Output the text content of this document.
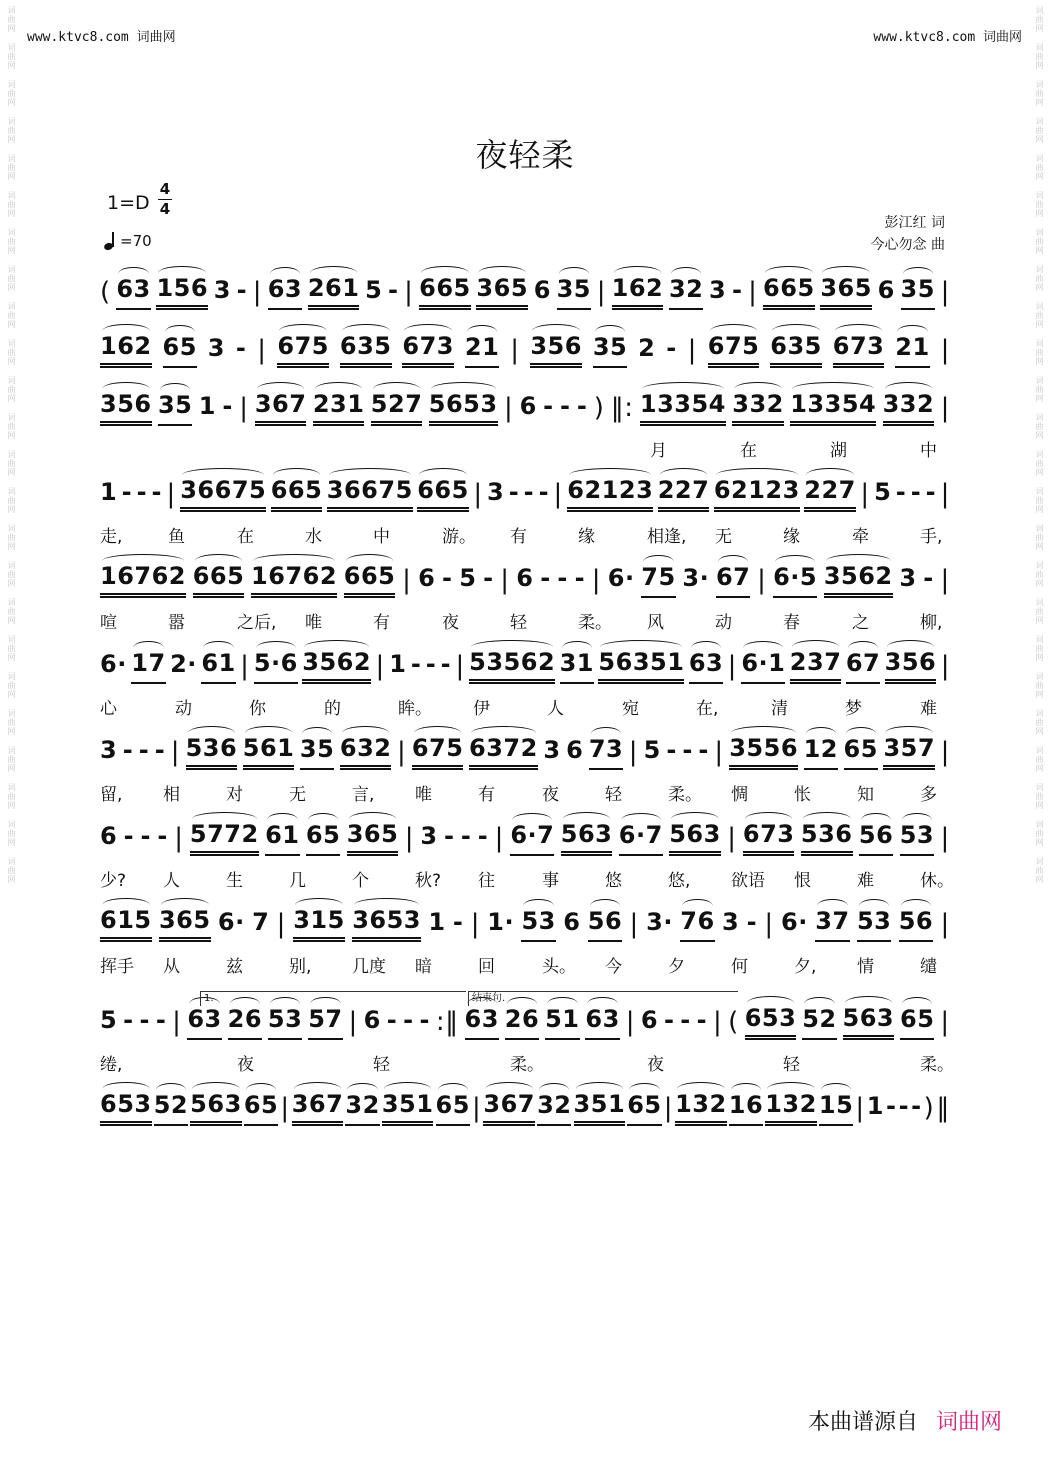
词曲网
词曲网
词曲网
词曲网
词曲网
词曲网
词曲网
词曲网
词曲网
词曲网
词曲网
词曲网
词曲网
词曲网
词曲网
词曲网
词曲网
词曲网
词曲网
词曲网
词曲网
词曲网
词曲网
词曲网
词曲网
词曲网
词曲网
词曲网
词曲网
词曲网
词曲网
词曲网
词曲网
词曲网
词曲网
词曲网
词曲网
词曲网
词曲网
词曲网
词曲网
词曲网
词曲网
词曲网
词曲网
词曲网
词曲网
词曲网
www.ktvc8.com 词曲网	www.ktvc8.com 词曲网
夜轻柔
1=D
4
4
=70
彭江红 词
今心勿念 曲
( 63 156 3 - | 63 261 5 - | 665 365 6 35 | 162 32 3 - | 665 365 6 35 |
162 65 3 - | 675 635 673 21 | 356 35 2 - | 675 635 673 21 |
356 35 1 - | 367 231 527 5653 | 6 - - - ) ‖: 13354 332 13354 332 |
1 - - - | 36675 665 36675 665 | 3 - - - | 62123 227 62123 227 | 5 - - - |
16762 665 16762 665 | 6 - 5 - | 6 - - - | 6· 75 3· 67 | 6·5 3562 3 - |
6· 17 2· 61 | 5·6 3562 | 1 - - - | 53562 31 56351 63 | 6·1 237 67 356 |
3 - - - | 536 561 35 632 | 675 6372 3 6 73 | 5 - - - | 3556 12 65 357 |
6 - - - | 5772 61 65 365 | 3 - - - | 6·7 563 6·7 563 | 673 536 56 53 |
615 365 6· 7 | 315 3653 1 - | 1· 53 6 56 | 3· 76 3 - | 6· 37 53 56 |
5 - - - | 63 26 53 57 | 6 - - - :‖ 63 26 51 63 | 6 - - - | ( 653 52 563 65 |
653 52 563 65 | 367 32 351 65 | 367 32 351 65 | 132 16 132 15 | 1 - - - ) ‖
月	在	湖	中
走,	鱼	在	水	中	游。 有	缘	相逢, 无	缘	牵	手,
喧	嚣	之后, 唯	有	夜	轻	柔。 风	动	春	之	柳,
心	动	你	的	眸。 伊	人	宛	在,	清	梦	难
留, 相	对	无	言, 唯	有	夜	轻	柔。 惆	怅	知	多
少? 人	生	几	个	秋? 往	事	悠	悠, 欲语 恨	难	休。
挥手 从	兹	别, 几度 暗	回	头。 今	夕	何	夕, 情	缱
绻,	夜	轻	柔。	夜	轻	柔。
1.	结束句.
本曲谱源自 词曲网
